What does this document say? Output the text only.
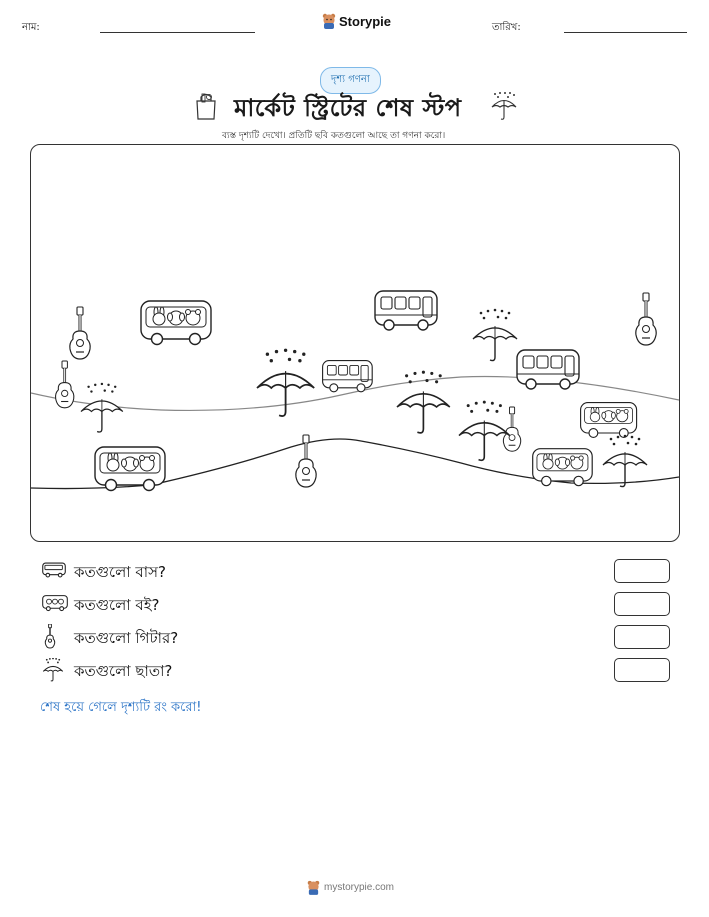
নাম:	Storypie	তারিখ:
দৃশ্য গণনা
মার্কেট স্ট্রিটের শেষ স্টপ
ব্যস্ত দৃশ্যটি দেখো। প্রতিটি ছবি কতগুলো আছে তা গণনা করো।
কতগুলো বাস?
কতগুলো বই?
কতগুলো গিটার?
কতগুলো ছাতা?
শেষ হয়ে গেলে দৃশ্যটি রং করো!
mystorypie.com
